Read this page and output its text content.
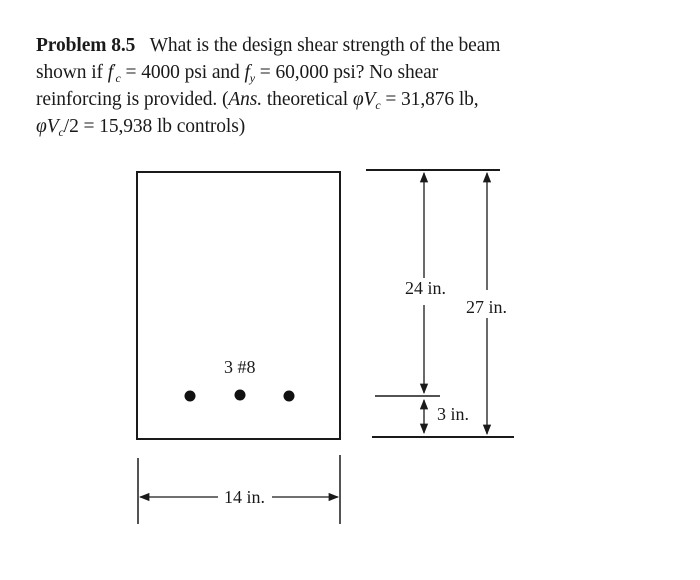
Problem 8.5 What is the design shear strength of the beam
shown if $f'_c = 4000$ psi and $f_y = 60,000$ psi? No shear
reinforcing is provided. (Ans. theoretical $\varphi V_c = 31,876$ lb,
$\varphi V_c/2 = 15,938$ lb controls)
3 #8
14 in.
24 in.
3 in.
27 in.
